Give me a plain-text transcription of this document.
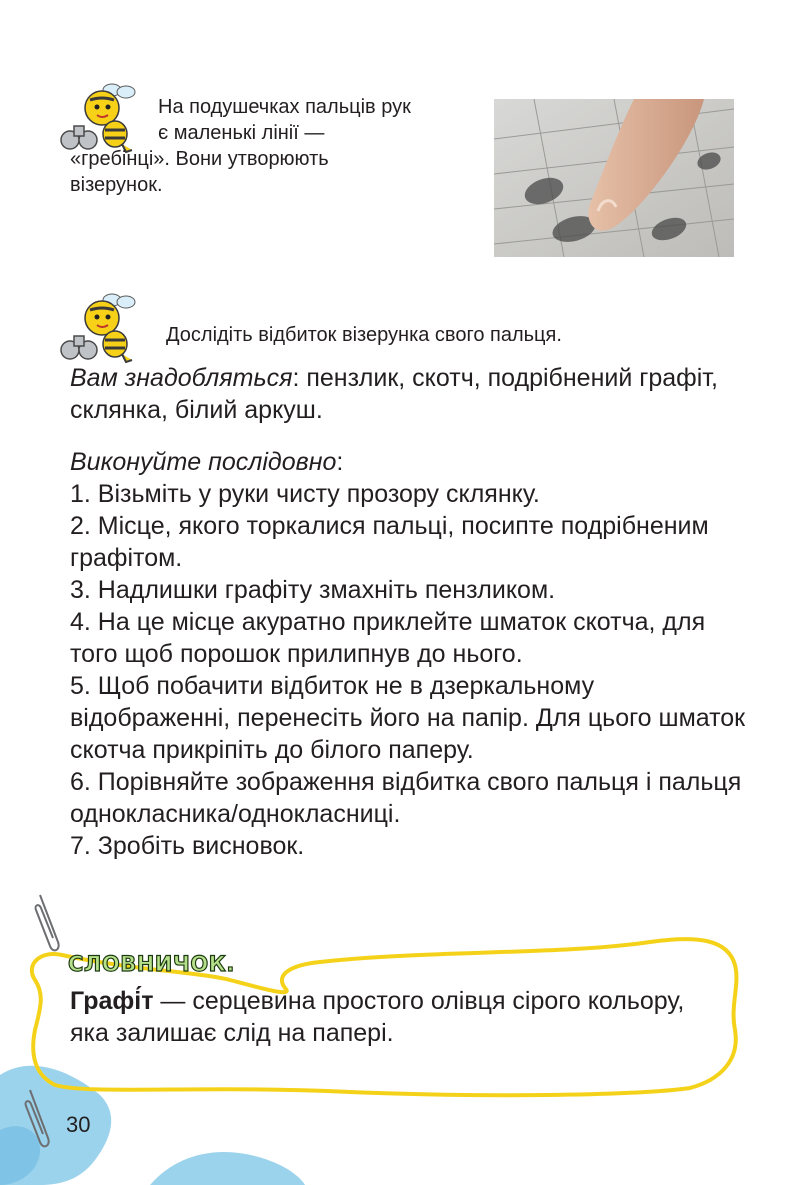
На подушечках пальців рук
є маленькі лінії —
«гребінці». Вони утворюють
візерунок.
Дослідіть відбиток візерунка свого пальця.

Вам знадобляться: пензлик, скотч, подрібнений графіт, склянка, білий аркуш.

Виконуйте послідовно:

1. Візьміть у руки чисту прозору склянку.

2. Місце, якого торкалися пальці, посипте подрібненим графітом.

3. Надлишки графіту змахніть пензликом.

4. На це місце акуратно приклейте шматок скотча, для того щоб порошок прилипнув до нього.

5. Щоб побачити відбиток не в дзеркальному відображенні, перенесіть його на папір. Для цього шматок скотча прикріпіть до білого паперу.

6. Порівняйте зображення відбитка свого пальця і пальця однокласника/однокласниці.

7. Зробіть висновок.

СЛОВНИЧОК.
Графі́т — серцевина простого олівця сірого кольору, яка залишає слід на папері.
30
